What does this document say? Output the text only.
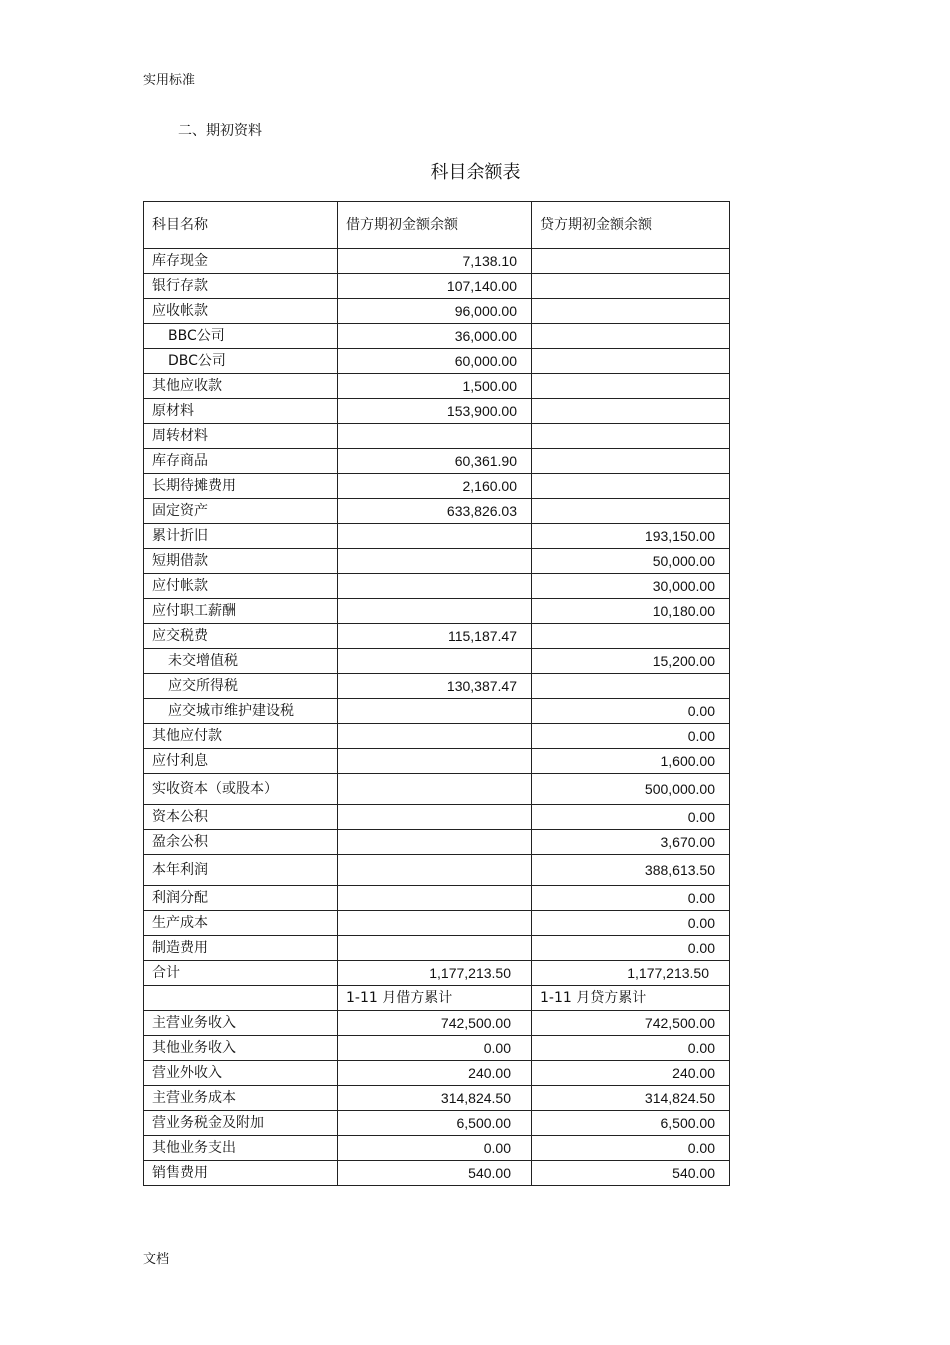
实用标准
二、期初资料
科目余额表
科目名称	借方期初金额余额	贷方期初金额余额
库存现金	7,138.10	
银行存款	107,140.00	
应收帐款	96,000.00	
BBC公司	36,000.00	
DBC公司	60,000.00	
其他应收款	1,500.00	
原材料	153,900.00	
周转材料		
库存商品	60,361.90	
长期待摊费用	2,160.00	
固定资产	633,826.03	
累计折旧		193,150.00
短期借款		50,000.00
应付帐款		30,000.00
应付职工薪酬		10,180.00
应交税费	115,187.47	
未交增值税		15,200.00
应交所得税	130,387.47	
应交城市维护建设税		0.00
其他应付款		0.00
应付利息		1,600.00
实收资本（或股本）		500,000.00
资本公积		0.00
盈余公积		3,670.00
本年利润		388,613.50
利润分配		0.00
生产成本		0.00
制造费用		0.00
合计	1,177,213.50	1,177,213.50
	1-11 月借方累计	1-11 月贷方累计
主营业务收入	742,500.00	742,500.00
其他业务收入	0.00	0.00
营业外收入	240.00	240.00
主营业务成本	314,824.50	314,824.50
营业务税金及附加	6,500.00	6,500.00
其他业务支出	0.00	0.00
销售费用	540.00	540.00
文档
